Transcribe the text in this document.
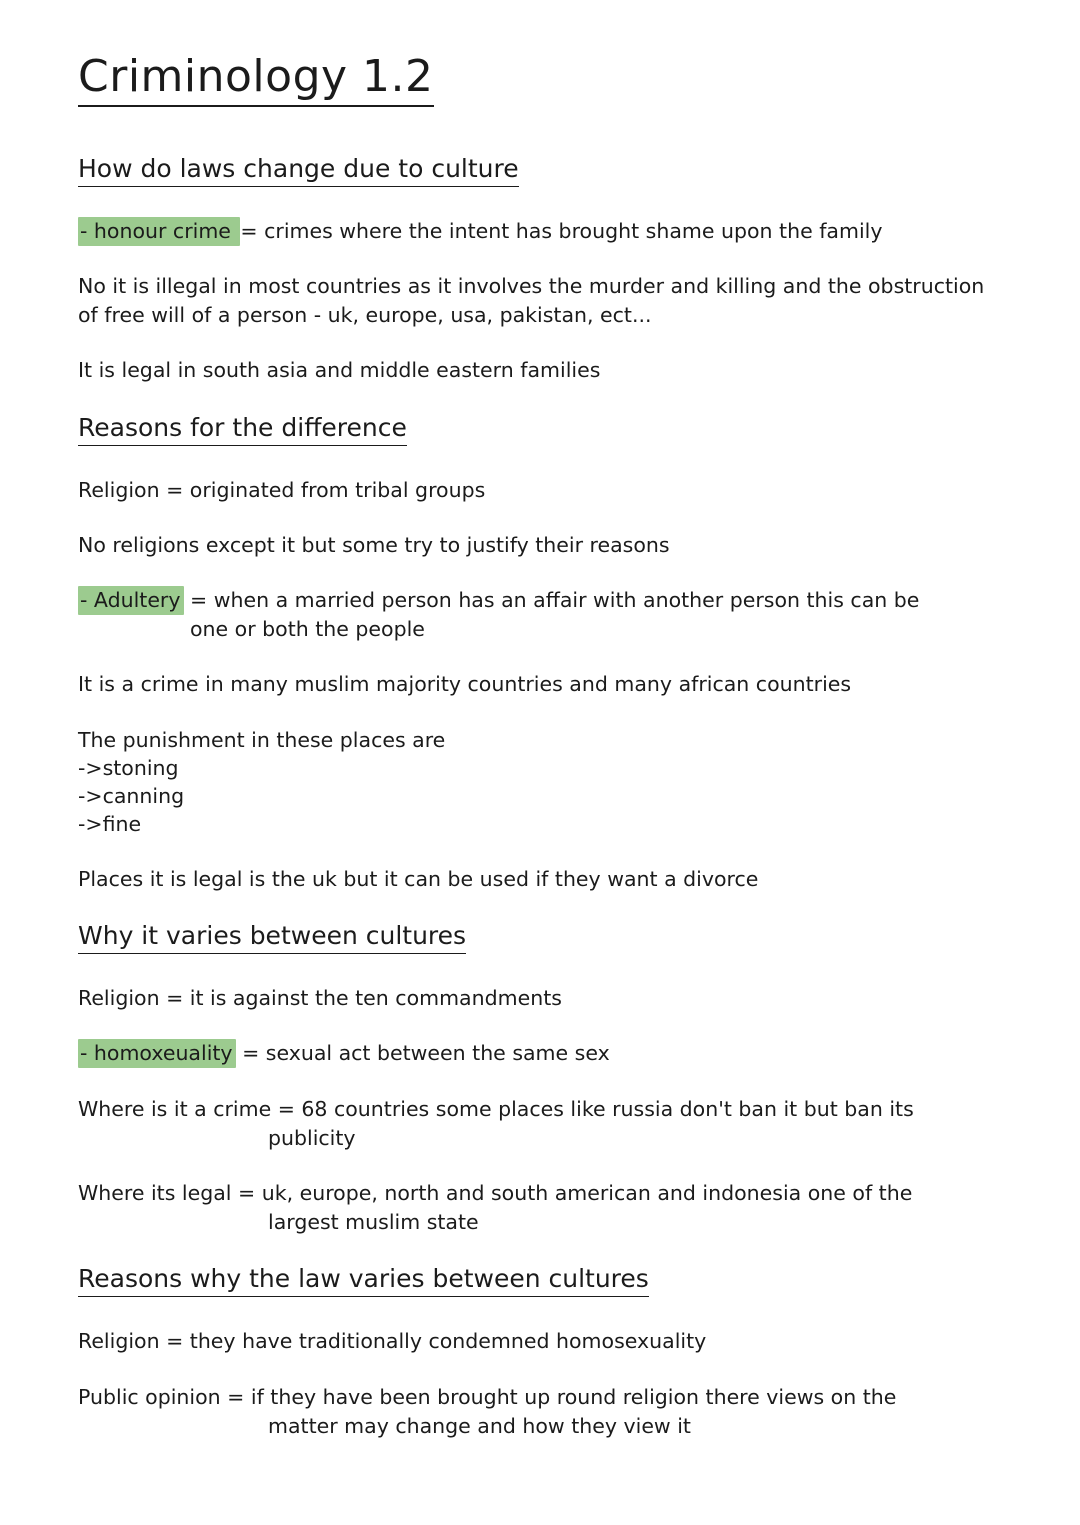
Criminology 1.2
How do laws change due to culture

- honour crime = crimes where the intent has brought shame upon the family

No it is illegal in most countries as it involves the murder and killing and the obstruction of free will of a person - uk, europe, usa, pakistan, ect...

It is legal in south asia and middle eastern families

Reasons for the difference

Religion = originated from tribal groups

No religions except it but some try to justify their reasons

- Adultery = when a married person has an affair with another person this can be
one or both the people

It is a crime in many muslim majority countries and many african countries

The punishment in these places are
->stoning
->canning
->fine

Places it is legal is the uk but it can be used if they want a divorce

Why it varies between cultures

Religion = it is against the ten commandments

- homoxeuality = sexual act between the same sex

Where is it a crime = 68 countries some places like russia don't ban it but ban its
publicity

Where its legal = uk, europe, north and south american and indonesia one of the
largest muslim state

Reasons why the law varies between cultures

Religion = they have traditionally condemned homosexuality

Public opinion = if they have been brought up round religion there views on the
matter may change and how they view it
